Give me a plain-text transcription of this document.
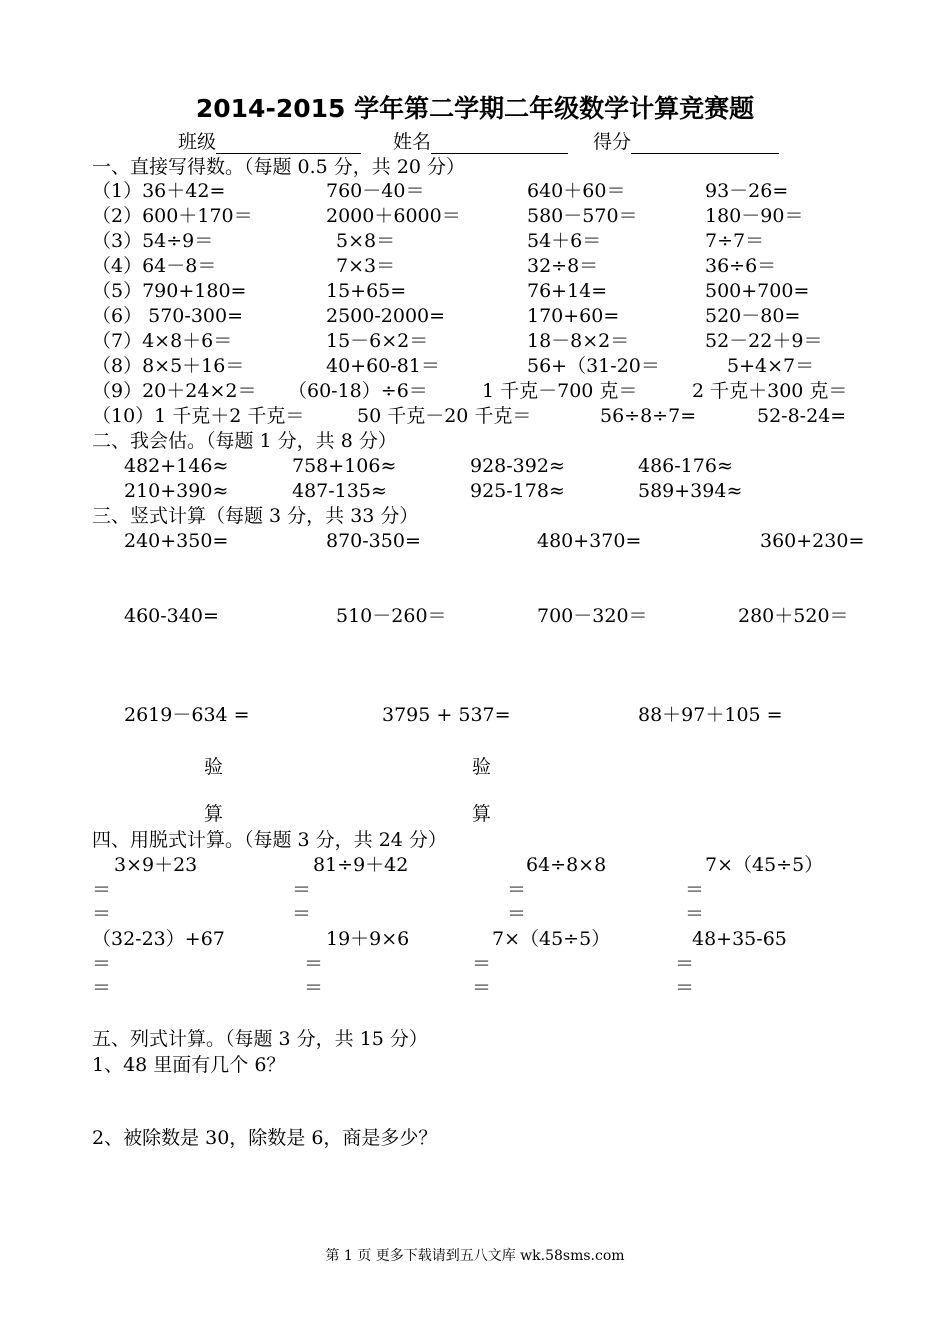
2014-2015 学年第二学期二年级数学计算竞赛题
班级	姓名	得分
一、直接写得数。（每题 0.5 分，共 20 分）
（1）36＋42=	760－40＝	640＋60＝	93－26=
（2）600＋170＝	2000＋6000＝	580－570＝	180－90＝
（3）54÷9＝	5×8＝	54＋6＝	7÷7＝
（4）64－8＝	7×3＝	32÷8＝	36÷6＝
（5）790+180=	15+65=	76+14=	500+700=
（6） 570-300=	2500-2000=	170+60=	520－80=
（7）4×8＋6＝	15－6×2＝	18－8×2＝	52－22＋9＝
（8）8×5＋16＝	40+60-81＝	56+（31-20＝	5+4×7＝
（9）20＋24×2＝ （60-18）÷6＝	1 千克－700 克＝	2 千克＋300 克＝
（10）1 千克＋2 千克＝	50 千克－20 千克＝	56÷8÷7=	52-8-24=
二、我会估。（每题 1 分，共 8 分）
482+146≈	758+106≈	928-392≈	486-176≈
210+390≈	487-135≈	925-178≈	589+394≈
三、竖式计算（每题 3 分，共 33 分）
240+350=	870-350=	480+370=	360+230=
460-340=	510－260＝	700－320＝	280＋520＝
2619－634 =	3795 + 537=	88＋97＋105 =
验
算
验
算
四、用脱式计算。（每题 3 分，共 24 分）
3×9＋23
＝
＝
81÷9＋42
＝
＝
64÷8×8
＝
＝
7×（45÷5）
＝
＝
（32-23）+67
＝
＝
19＋9×6
＝
＝
7×（45÷5）
＝
＝
48+35-65
＝
＝
五、列式计算。（每题 3 分，共 15 分）
1、48 里面有几个 6？
2、被除数是 30，除数是 6，商是多少？
第 1 页 更多下载请到五八文库 wk.58sms.com
